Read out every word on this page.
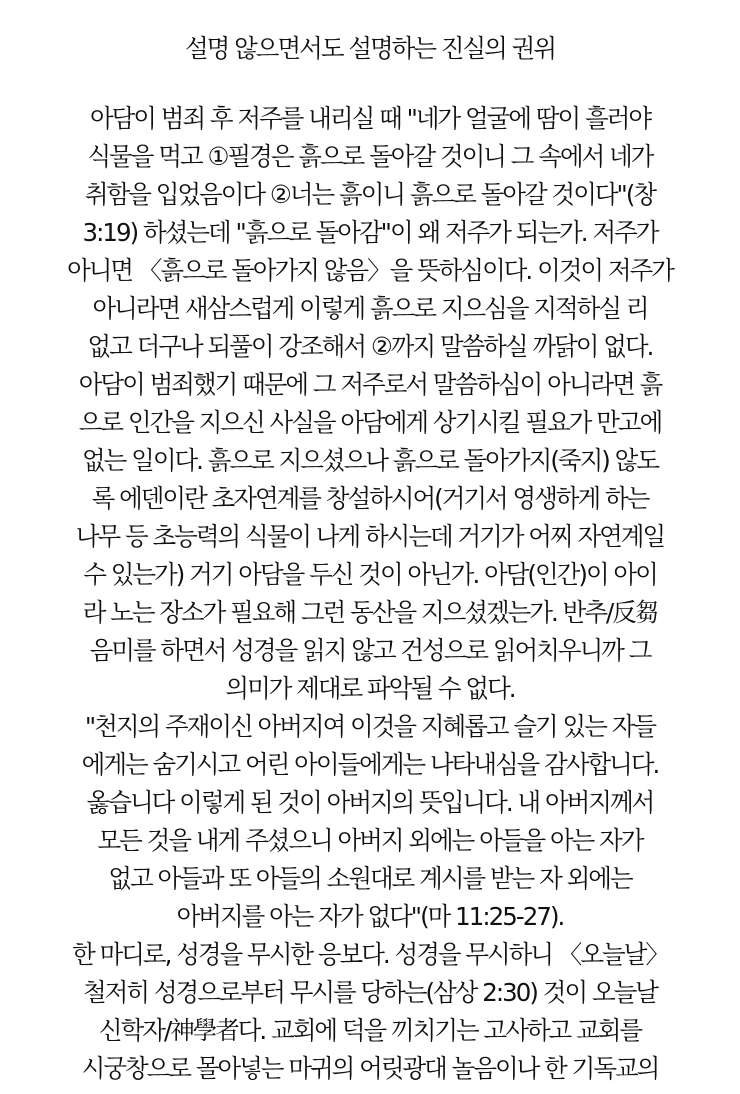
설명 않으면서도 설명하는 진실의 권위
아담이 범죄 후 저주를 내리실 때 "네가 얼굴에 땀이 흘러야
식물을 먹고 ①필경은 흙으로 돌아갈 것이니 그 속에서 네가
취함을 입었음이다 ②너는 흙이니 흙으로 돌아갈 것이다"(창
3:19) 하셨는데 "흙으로 돌아감"이 왜 저주가 되는가. 저주가
아니면 〈흙으로 돌아가지 않음〉을 뜻하심이다. 이것이 저주가
아니라면 새삼스럽게 이렇게 흙으로 지으심을 지적하실 리
없고 더구나 되풀이 강조해서 ②까지 말씀하실 까닭이 없다.
아담이 범죄했기 때문에 그 저주로서 말씀하심이 아니라면 흙
으로 인간을 지으신 사실을 아담에게 상기시킬 필요가 만고에
없는 일이다. 흙으로 지으셨으나 흙으로 돌아가지(죽지) 않도
록 에덴이란 초자연계를 창설하시어(거기서 영생하게 하는
나무 등 초능력의 식물이 나게 하시는데 거기가 어찌 자연계일
수 있는가) 거기 아담을 두신 것이 아닌가. 아담(인간)이 아이
라 노는 장소가 필요해 그런 동산을 지으셨겠는가. 반추/反芻
음미를 하면서 성경을 읽지 않고 건성으로 읽어치우니까 그
의미가 제대로 파악될 수 없다.
"천지의 주재이신 아버지여 이것을 지혜롭고 슬기 있는 자들
에게는 숨기시고 어린 아이들에게는 나타내심을 감사합니다.
옳습니다 이렇게 된 것이 아버지의 뜻입니다. 내 아버지께서
모든 것을 내게 주셨으니 아버지 외에는 아들을 아는 자가
없고 아들과 또 아들의 소원대로 계시를 받는 자 외에는
아버지를 아는 자가 없다"(마 11:25-27).
한 마디로, 성경을 무시한 응보다. 성경을 무시하니 〈오늘날〉
철저히 성경으로부터 무시를 당하는(삼상 2:30) 것이 오늘날
신학자/神學者다. 교회에 덕을 끼치기는 고사하고 교회를
시궁창으로 몰아넣는 마귀의 어릿광대 놀음이나 한 기독교의
